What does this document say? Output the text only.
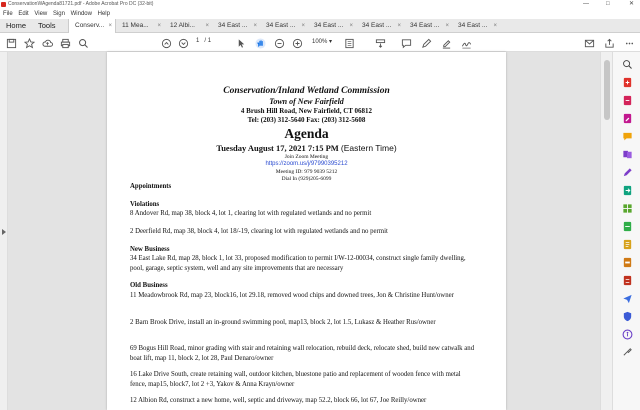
ConservationWAgenda81721.pdf - Adobe Acrobat Pro DC (32-bit)	—	□	✕
File Edit View Sign Window Help
Home	Tools	Conserv... ×	11 Mea... ×	12 Albi... ×	34 East ... ×	34 East ... ×	34 East ... ×	34 East ... ×	34 East ... ×	34 East ... ×
1 / 1	100% ▾
Conservation/Inland Wetland Commission
Town of New Fairfield
4 Brush Hill Road, New Fairfield, CT 06812
Tel: (203) 312-5640 Fax: (203) 312-5608
Agenda
Tuesday August 17, 2021 7:15 PM (Eastern Time)
Join Zoom Meeting
https://zoom.us/j/97990395212
Meeting ID: 979 9039 5212
Dial In (929)205-6099
Appointments
Violations
8 Andover Rd, map 38, block 4, lot 1, clearing lot with regulated wetlands and no permit
2 Deerfield Rd, map 38, block 4, lot 18/-19, clearing lot with regulated wetlands and no permit
New Business
34 East Lake Rd, map 28, block 1, lot 33, proposed modification to permit I/W-12-00034, construct single family dwelling, pool, garage, septic system, well and any site improvements that are necessary
Old Business
11 Meadowbrook Rd, map 23, block16, lot 29.18, removed wood chips and downed trees, Jon & Christine Hunt/owner
2 Barn Brook Drive, install an in-ground swimming pool, map13, block 2, lot 1.5, Lukasz & Heather Rus/owner
69 Bogus Hill Road, minor grading with stair and retaining wall relocation, rebuild deck, relocate shed, build new catwalk and boat lift, map 11, block 2, lot 28, Paul Denaro/owner
16 Lake Drive South, create retaining wall, outdoor kitchen, bluestone patio and replacement of wooden fence with metal fence, map15, block7, lot 2 +3, Yakov & Anna Krayn/owner
12 Albion Rd, construct a new home, well, septic and driveway, map 52.2, block 66, lot 67, Joe Reilly/owner
